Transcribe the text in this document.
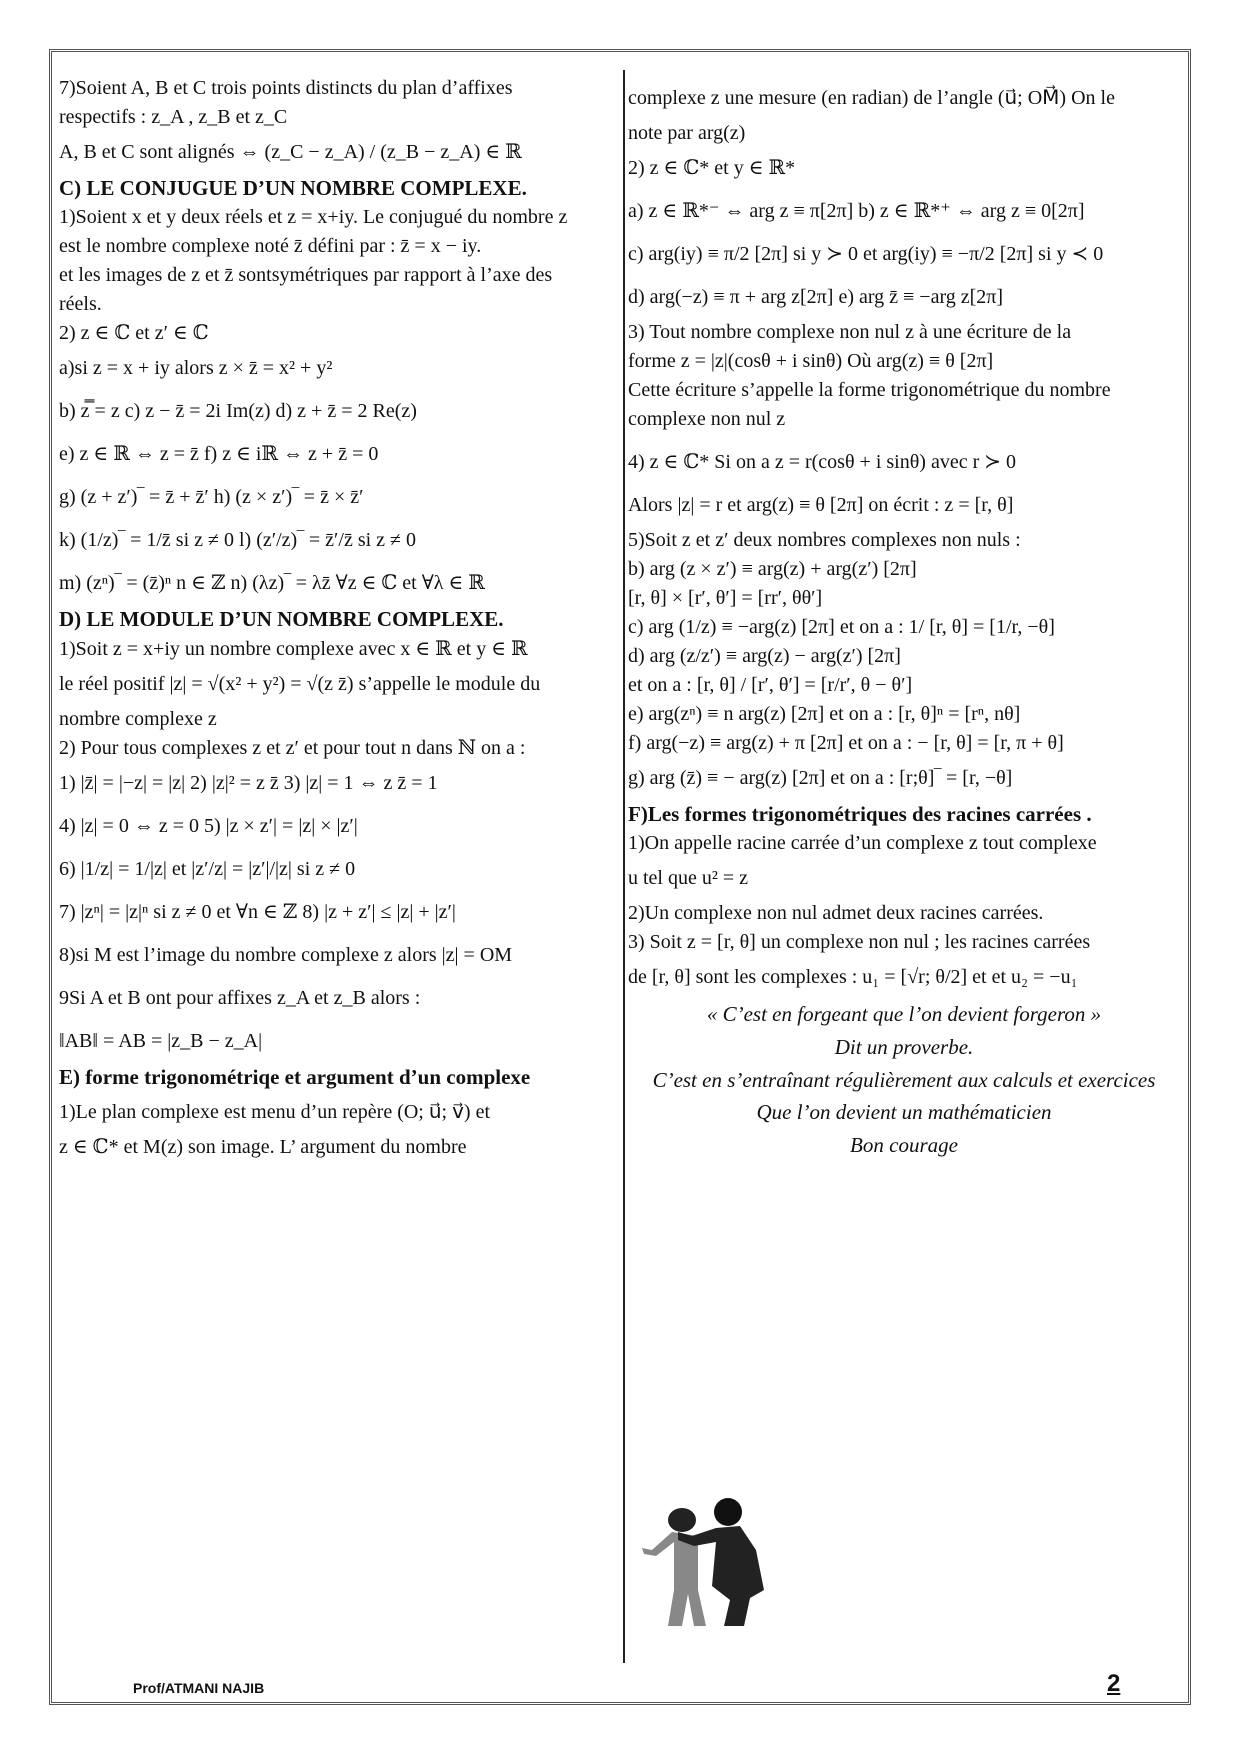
7)Soient A, B et C trois points distincts du plan d’affixes

respectifs : z_A , z_B et z_C

A, B et C sont alignés ⇔ (z_C − z_A) / (z_B − z_A) ∈ ℝ

C) LE CONJUGUE D’UN NOMBRE COMPLEXE.

1)Soient x et y deux réels et z = x+iy. Le conjugué du nombre z

est le nombre complexe noté z̄ défini par : z̄ = x − iy.

et les images de z et z̄ sontsymétriques par rapport à l’axe des

réels.

2) z ∈ ℂ et z′ ∈ ℂ

a)si z = x + iy alors z × z̄ = x² + y²

b) z̿ = z c) z − z̄ = 2i Im(z) d) z + z̄ = 2 Re(z)

e) z ∈ ℝ ⇔ z = z̄ f) z ∈ iℝ ⇔ z + z̄ = 0

g) (z + z′)‾ = z̄ + z̄′ h) (z × z′)‾ = z̄ × z̄′

k) (1/z)‾ = 1/z̄ si z ≠ 0 l) (z′/z)‾ = z̄′/z̄ si z ≠ 0

m) (zⁿ)‾ = (z̄)ⁿ n ∈ ℤ n) (λz)‾ = λz̄ ∀z ∈ ℂ et ∀λ ∈ ℝ

D) LE MODULE D’UN NOMBRE COMPLEXE.

1)Soit z = x+iy un nombre complexe avec x ∈ ℝ et y ∈ ℝ

le réel positif |z| = √(x² + y²) = √(z z̄) s’appelle le module du

nombre complexe z

2) Pour tous complexes z et z′ et pour tout n dans ℕ on a :

1) |z̄| = |−z| = |z| 2) |z|² = z z̄ 3) |z| = 1 ⇔ z z̄ = 1

4) |z| = 0 ⇔ z = 0 5) |z × z′| = |z| × |z′|

6) |1/z| = 1/|z| et |z′/z| = |z′|/|z| si z ≠ 0

7) |zⁿ| = |z|ⁿ si z ≠ 0 et ∀n ∈ ℤ 8) |z + z′| ≤ |z| + |z′|

8)si M est l’image du nombre complexe z alors |z| = OM

9Si A et B ont pour affixes z_A et z_B alors :

‖AB‖ = AB = |z_B − z_A|

E) forme trigonométriqe et argument d’un complexe

1)Le plan complexe est menu d’un repère (O; u⃗; v⃗) et

z ∈ ℂ* et M(z) son image. L’ argument du nombre

complexe z une mesure (en radian) de l’angle (u⃗; OM⃗) On le

note par arg(z)

2) z ∈ ℂ* et y ∈ ℝ*

a) z ∈ ℝ*⁻ ⇔ arg z ≡ π[2π] b) z ∈ ℝ*⁺ ⇔ arg z ≡ 0[2π]

c) arg(iy) ≡ π/2 [2π] si y ≻ 0 et arg(iy) ≡ −π/2 [2π] si y ≺ 0

d) arg(−z) ≡ π + arg z[2π] e) arg z̄ ≡ −arg z[2π]

3) Tout nombre complexe non nul z à une écriture de la

forme z = |z|(cosθ + i sinθ) Où arg(z) ≡ θ [2π]

Cette écriture s’appelle la forme trigonométrique du nombre

complexe non nul z

4) z ∈ ℂ* Si on a z = r(cosθ + i sinθ) avec r ≻ 0

Alors |z| = r et arg(z) ≡ θ [2π] on écrit : z = [r, θ]

5)Soit z et z′ deux nombres complexes non nuls :

b) arg (z × z′) ≡ arg(z) + arg(z′) [2π]

[r, θ] × [r′, θ′] = [rr′, θθ′]

c) arg (1/z) ≡ −arg(z) [2π] et on a : 1/ [r, θ] = [1/r, −θ]

d) arg (z/z′) ≡ arg(z) − arg(z′) [2π]

et on a : [r, θ] / [r′, θ′] = [r/r′, θ − θ′]

e) arg(zⁿ) ≡ n arg(z) [2π] et on a : [r, θ]ⁿ = [rⁿ, nθ]

f) arg(−z) ≡ arg(z) + π [2π] et on a : − [r, θ] = [r, π + θ]

g) arg (z̄) ≡ − arg(z) [2π] et on a : [r;θ]‾ = [r, −θ]

F)Les formes trigonométriques des racines carrées .

1)On appelle racine carrée d’un complexe z tout complexe

u tel que u² = z

2)Un complexe non nul admet deux racines carrées.

3) Soit z = [r, θ] un complexe non nul ; les racines carrées

de [r, θ] sont les complexes : u₁ = [√r; θ/2] et et u₂ = −u₁

« C’est en forgeant que l’on devient forgeron »

Dit un proverbe.

C’est en s’entraînant régulièrement aux calculs et exercices

Que l’on devient un mathématicien

Bon courage

Prof/ATMANI NAJIB	2
